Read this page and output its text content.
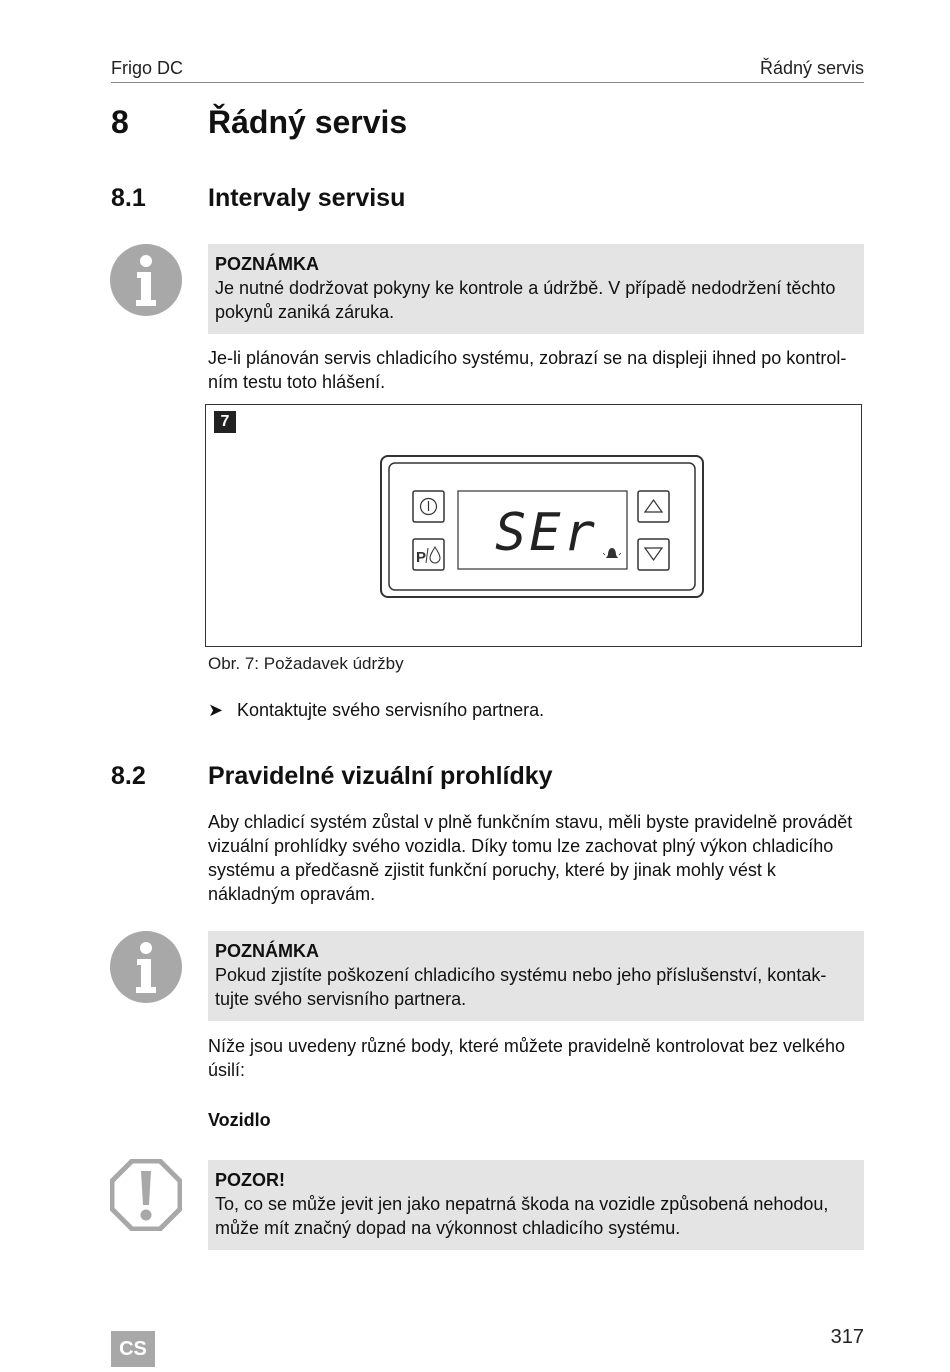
Frigo DC	Řádný servis
8 Řádný servis
8.1 Intervaly servisu
POZNÁMKA
Je nutné dodržovat pokyny ke kontrole a údržbě. V případě nedodržení těchto pokynů zaniká záruka.
Je-li plánován servis chladicího systému, zobrazí se na displeji ihned po kontrol-ním testu toto hlášení.
7
P SEr
Obr. 7: Požadavek údržby
➤ Kontaktujte svého servisního partnera.
8.2 Pravidelné vizuální prohlídky
Aby chladicí systém zůstal v plně funkčním stavu, měli byste pravidelně provádět vizuální prohlídky svého vozidla. Díky tomu lze zachovat plný výkon chladicího systému a předčasně zjistit funkční poruchy, které by jinak mohly vést k nákladným opravám.
POZNÁMKA
Pokud zjistíte poškození chladicího systému nebo jeho příslušenství, kontak-tujte svého servisního partnera.
Níže jsou uvedeny různé body, které můžete pravidelně kontrolovat bez velkého úsilí:
Vozidlo
POZOR!
To, co se může jevit jen jako nepatrná škoda na vozidle způsobená nehodou, může mít značný dopad na výkonnost chladicího systému.
CS
317
